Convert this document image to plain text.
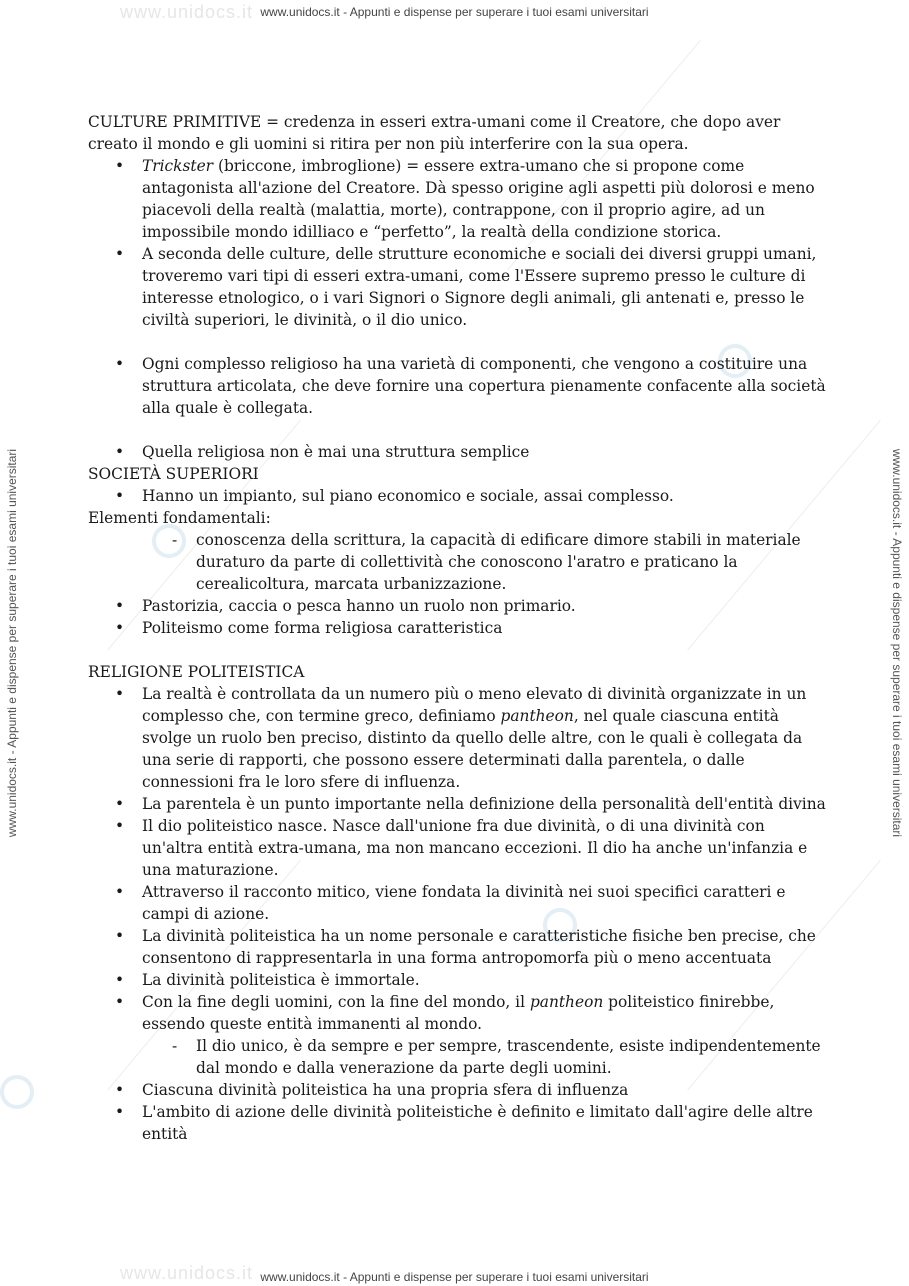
www.unidocs.it www.unidocs.it - Appunti e dispense per superare i tuoi esami universitari
www.unidocs.it www.unidocs.it - Appunti e dispense per superare i tuoi esami universitari
www.unidocs.it - Appunti e dispense per superare i tuoi esami universitari	www.unidocs.it - Appunti e dispense per superare i tuoi esami universitari

CULTURE PRIMITIVE = credenza in esseri extra-umani come il Creatore, che dopo aver creato il mondo e gli uomini si ritira per non più interferire con la sua opera.

• Trickster (briccone, imbroglione) = essere extra-umano che si propone come antagonista all'azione del Creatore. Dà spesso origine agli aspetti più dolorosi e meno piacevoli della realtà (malattia, morte), contrappone, con il proprio agire, ad un impossibile mondo idilliaco e “perfetto”, la realtà della condizione storica.
• A seconda delle culture, delle strutture economiche e sociali dei diversi gruppi umani, troveremo vari tipi di esseri extra-umani, come l'Essere supremo presso le culture di interesse etnologico, o i vari Signori o Signore degli animali, gli antenati e, presso le civiltà superiori, le divinità, o il dio unico.
• Ogni complesso religioso ha una varietà di componenti, che vengono a costituire una struttura articolata, che deve fornire una copertura pienamente confacente alla società alla quale è collegata.
• Quella religiosa non è mai una struttura semplice

SOCIETÀ SUPERIORI

• Hanno un impianto, sul piano economico e sociale, assai complesso.

Elementi fondamentali:

- conoscenza della scrittura, la capacità di edificare dimore stabili in materiale duraturo da parte di collettività che conoscono l'aratro e praticano la cerealicoltura, marcata urbanizzazione.
• Pastorizia, caccia o pesca hanno un ruolo non primario.
• Politeismo come forma religiosa caratteristica

RELIGIONE POLITEISTICA

• La realtà è controllata da un numero più o meno elevato di divinità organizzate in un complesso che, con termine greco, definiamo pantheon, nel quale ciascuna entità svolge un ruolo ben preciso, distinto da quello delle altre, con le quali è collegata da una serie di rapporti, che possono essere determinati dalla parentela, o dalle connessioni fra le loro sfere di influenza.
• La parentela è un punto importante nella definizione della personalità dell'entità divina
• Il dio politeistico nasce. Nasce dall'unione fra due divinità, o di una divinità con un'altra entità extra-umana, ma non mancano eccezioni. Il dio ha anche un'infanzia e una maturazione.
• Attraverso il racconto mitico, viene fondata la divinità nei suoi specifici caratteri e campi di azione.
• La divinità politeistica ha un nome personale e caratteristiche fisiche ben precise, che consentono di rappresentarla in una forma antropomorfa più o meno accentuata
• La divinità politeistica è immortale.
• Con la fine degli uomini, con la fine del mondo, il pantheon politeistico finirebbe, essendo queste entità immanenti al mondo.
- Il dio unico, è da sempre e per sempre, trascendente, esiste indipendentemente dal mondo e dalla venerazione da parte degli uomini.
• Ciascuna divinità politeistica ha una propria sfera di influenza
• L'ambito di azione delle divinità politeistiche è definito e limitato dall'agire delle altre entità
